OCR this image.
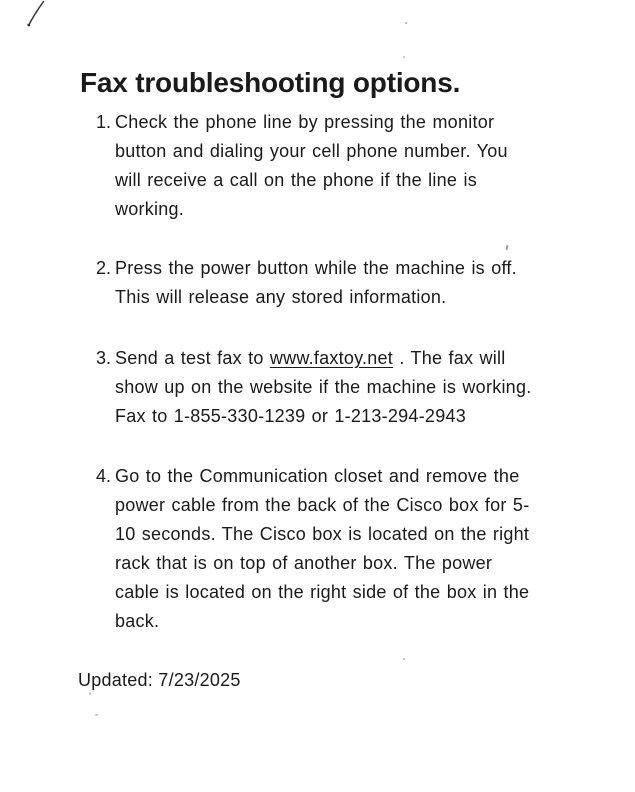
Fax troubleshooting options.
1. Check the phone line by pressing the monitor
button and dialing your cell phone number. You
will receive a call on the phone if the line is
working.
2. Press the power button while the machine is off.
This will release any stored information.
3. Send a test fax to www.faxtoy.net . The fax will
show up on the website if the machine is working.
Fax to 1-855-330-1239 or 1-213-294-2943
4. Go to the Communication closet and remove the
power cable from the back of the Cisco box for 5-
10 seconds. The Cisco box is located on the right
rack that is on top of another box. The power
cable is located on the right side of the box in the
back.
Updated: 7/23/2025
